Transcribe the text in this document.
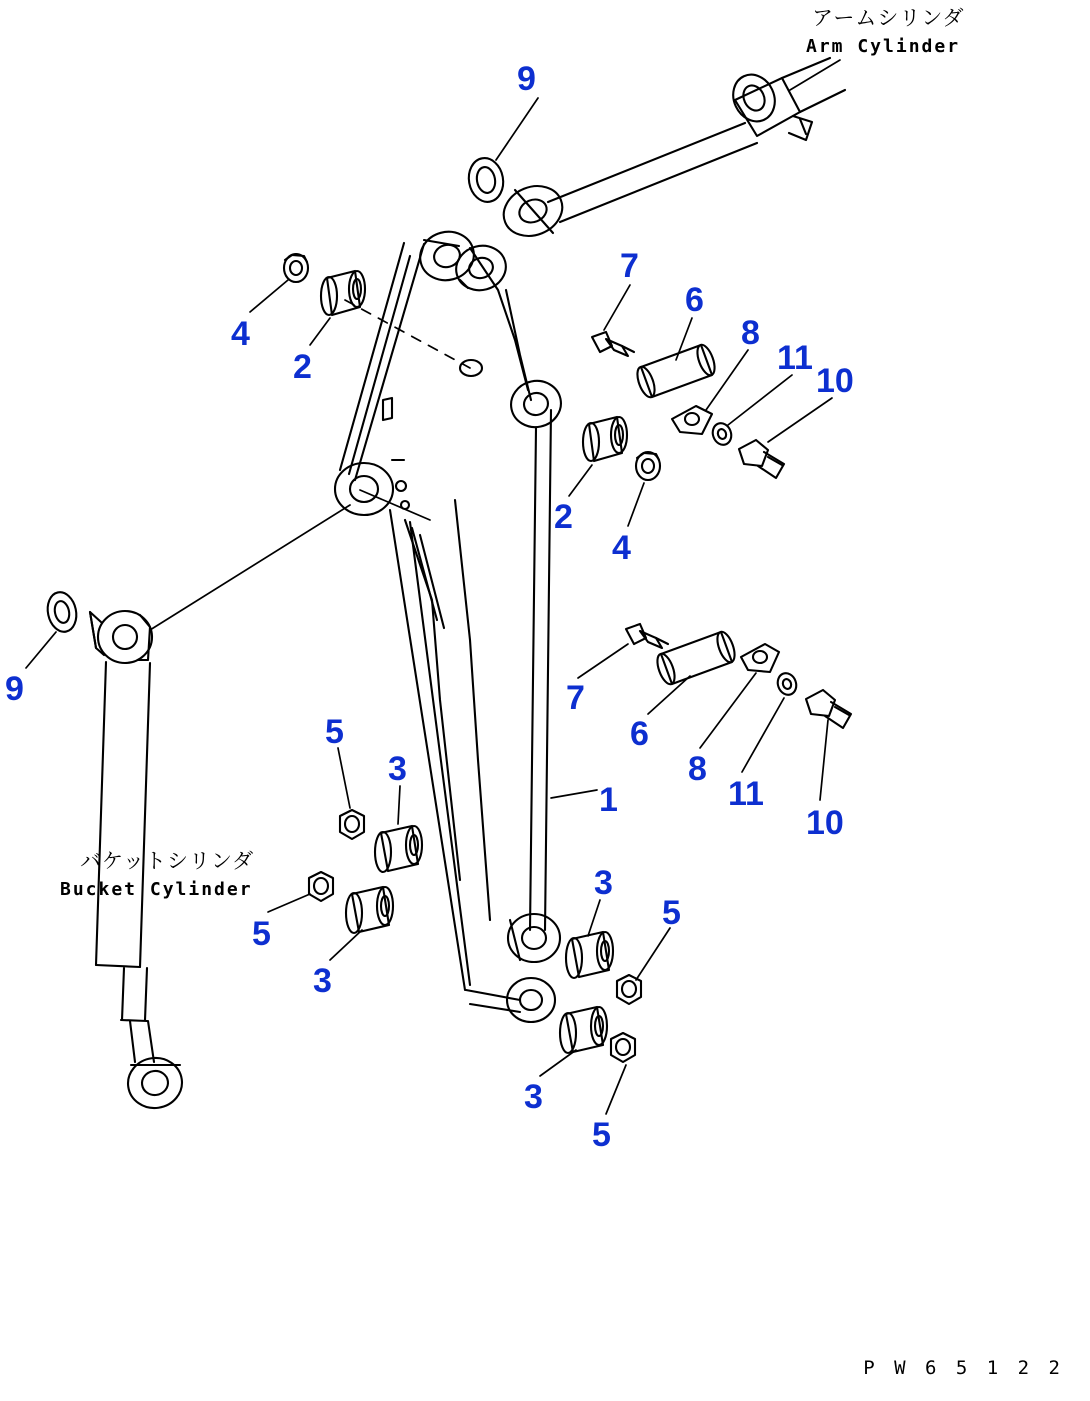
アームシリンダ
Arm Cylinder
バケットシリンダ
Bucket Cylinder
9
4
2
7
6
8
11
10
2
4
9	7
6
8
11
10
1
5
3
5
3
3
5
3
5
P W 6 5 1 2 2
